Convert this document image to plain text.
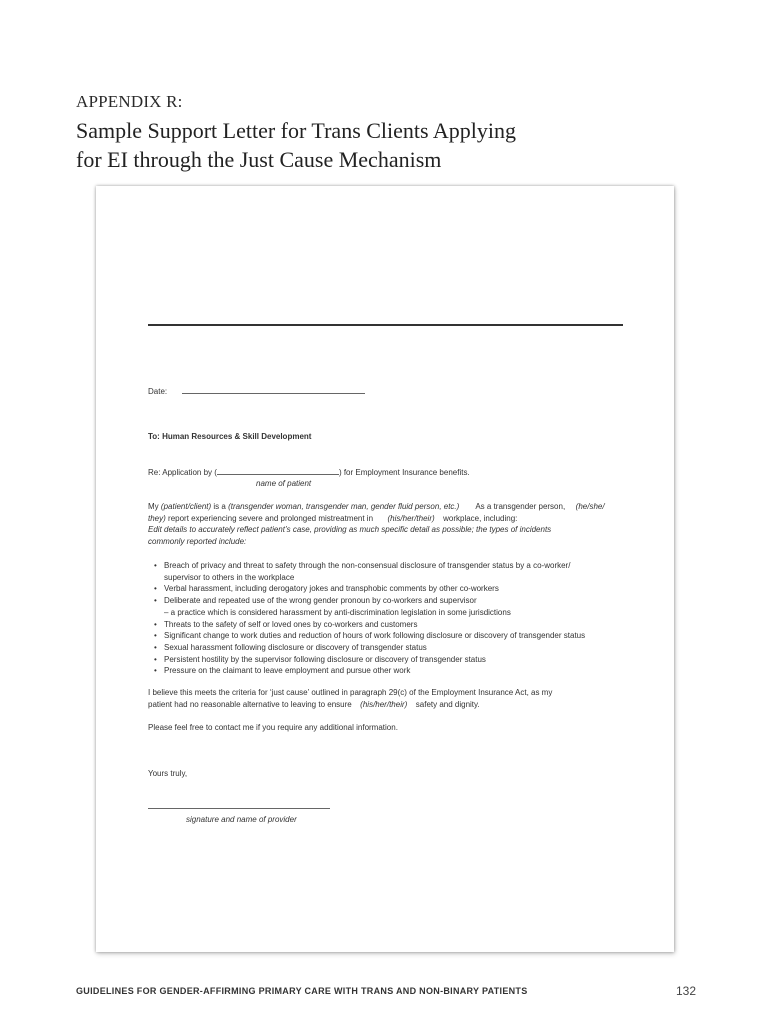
APPENDIX R:
Sample Support Letter for Trans Clients Applying
for EI through the Just Cause Mechanism
Date:
To: Human Resources & Skill Development
Re: Application by (	) for Employment Insurance benefits.
name of patient
My (patient/client) is a (transgender woman, transgender man, gender fluid person, etc.) As a transgender person, (he/she/
they) report experiencing severe and prolonged mistreatment in (his/her/their) workplace, including:
Edit details to accurately reflect patient’s case, providing as much specific detail as possible; the types of incidents
commonly reported include:
• Breach of privacy and threat to safety through the non-consensual disclosure of transgender status by a co-worker/
supervisor to others in the workplace
• Verbal harassment, including derogatory jokes and transphobic comments by other co-workers
• Deliberate and repeated use of the wrong gender pronoun by co-workers and supervisor
– a practice which is considered harassment by anti-discrimination legislation in some jurisdictions
• Threats to the safety of self or loved ones by co-workers and customers
• Significant change to work duties and reduction of hours of work following disclosure or discovery of transgender status
• Sexual harassment following disclosure or discovery of transgender status
• Persistent hostility by the supervisor following disclosure or discovery of transgender status
• Pressure on the claimant to leave employment and pursue other work
I believe this meets the criteria for ‘just cause’ outlined in paragraph 29(c) of the Employment Insurance Act, as my
patient had no reasonable alternative to leaving to ensure (his/her/their) safety and dignity.
Please feel free to contact me if you require any additional information.
Yours truly,
signature and name of provider
GUIDELINES FOR GENDER-AFFIRMING PRIMARY CARE WITH TRANS AND NON-BINARY PATIENTS	132
